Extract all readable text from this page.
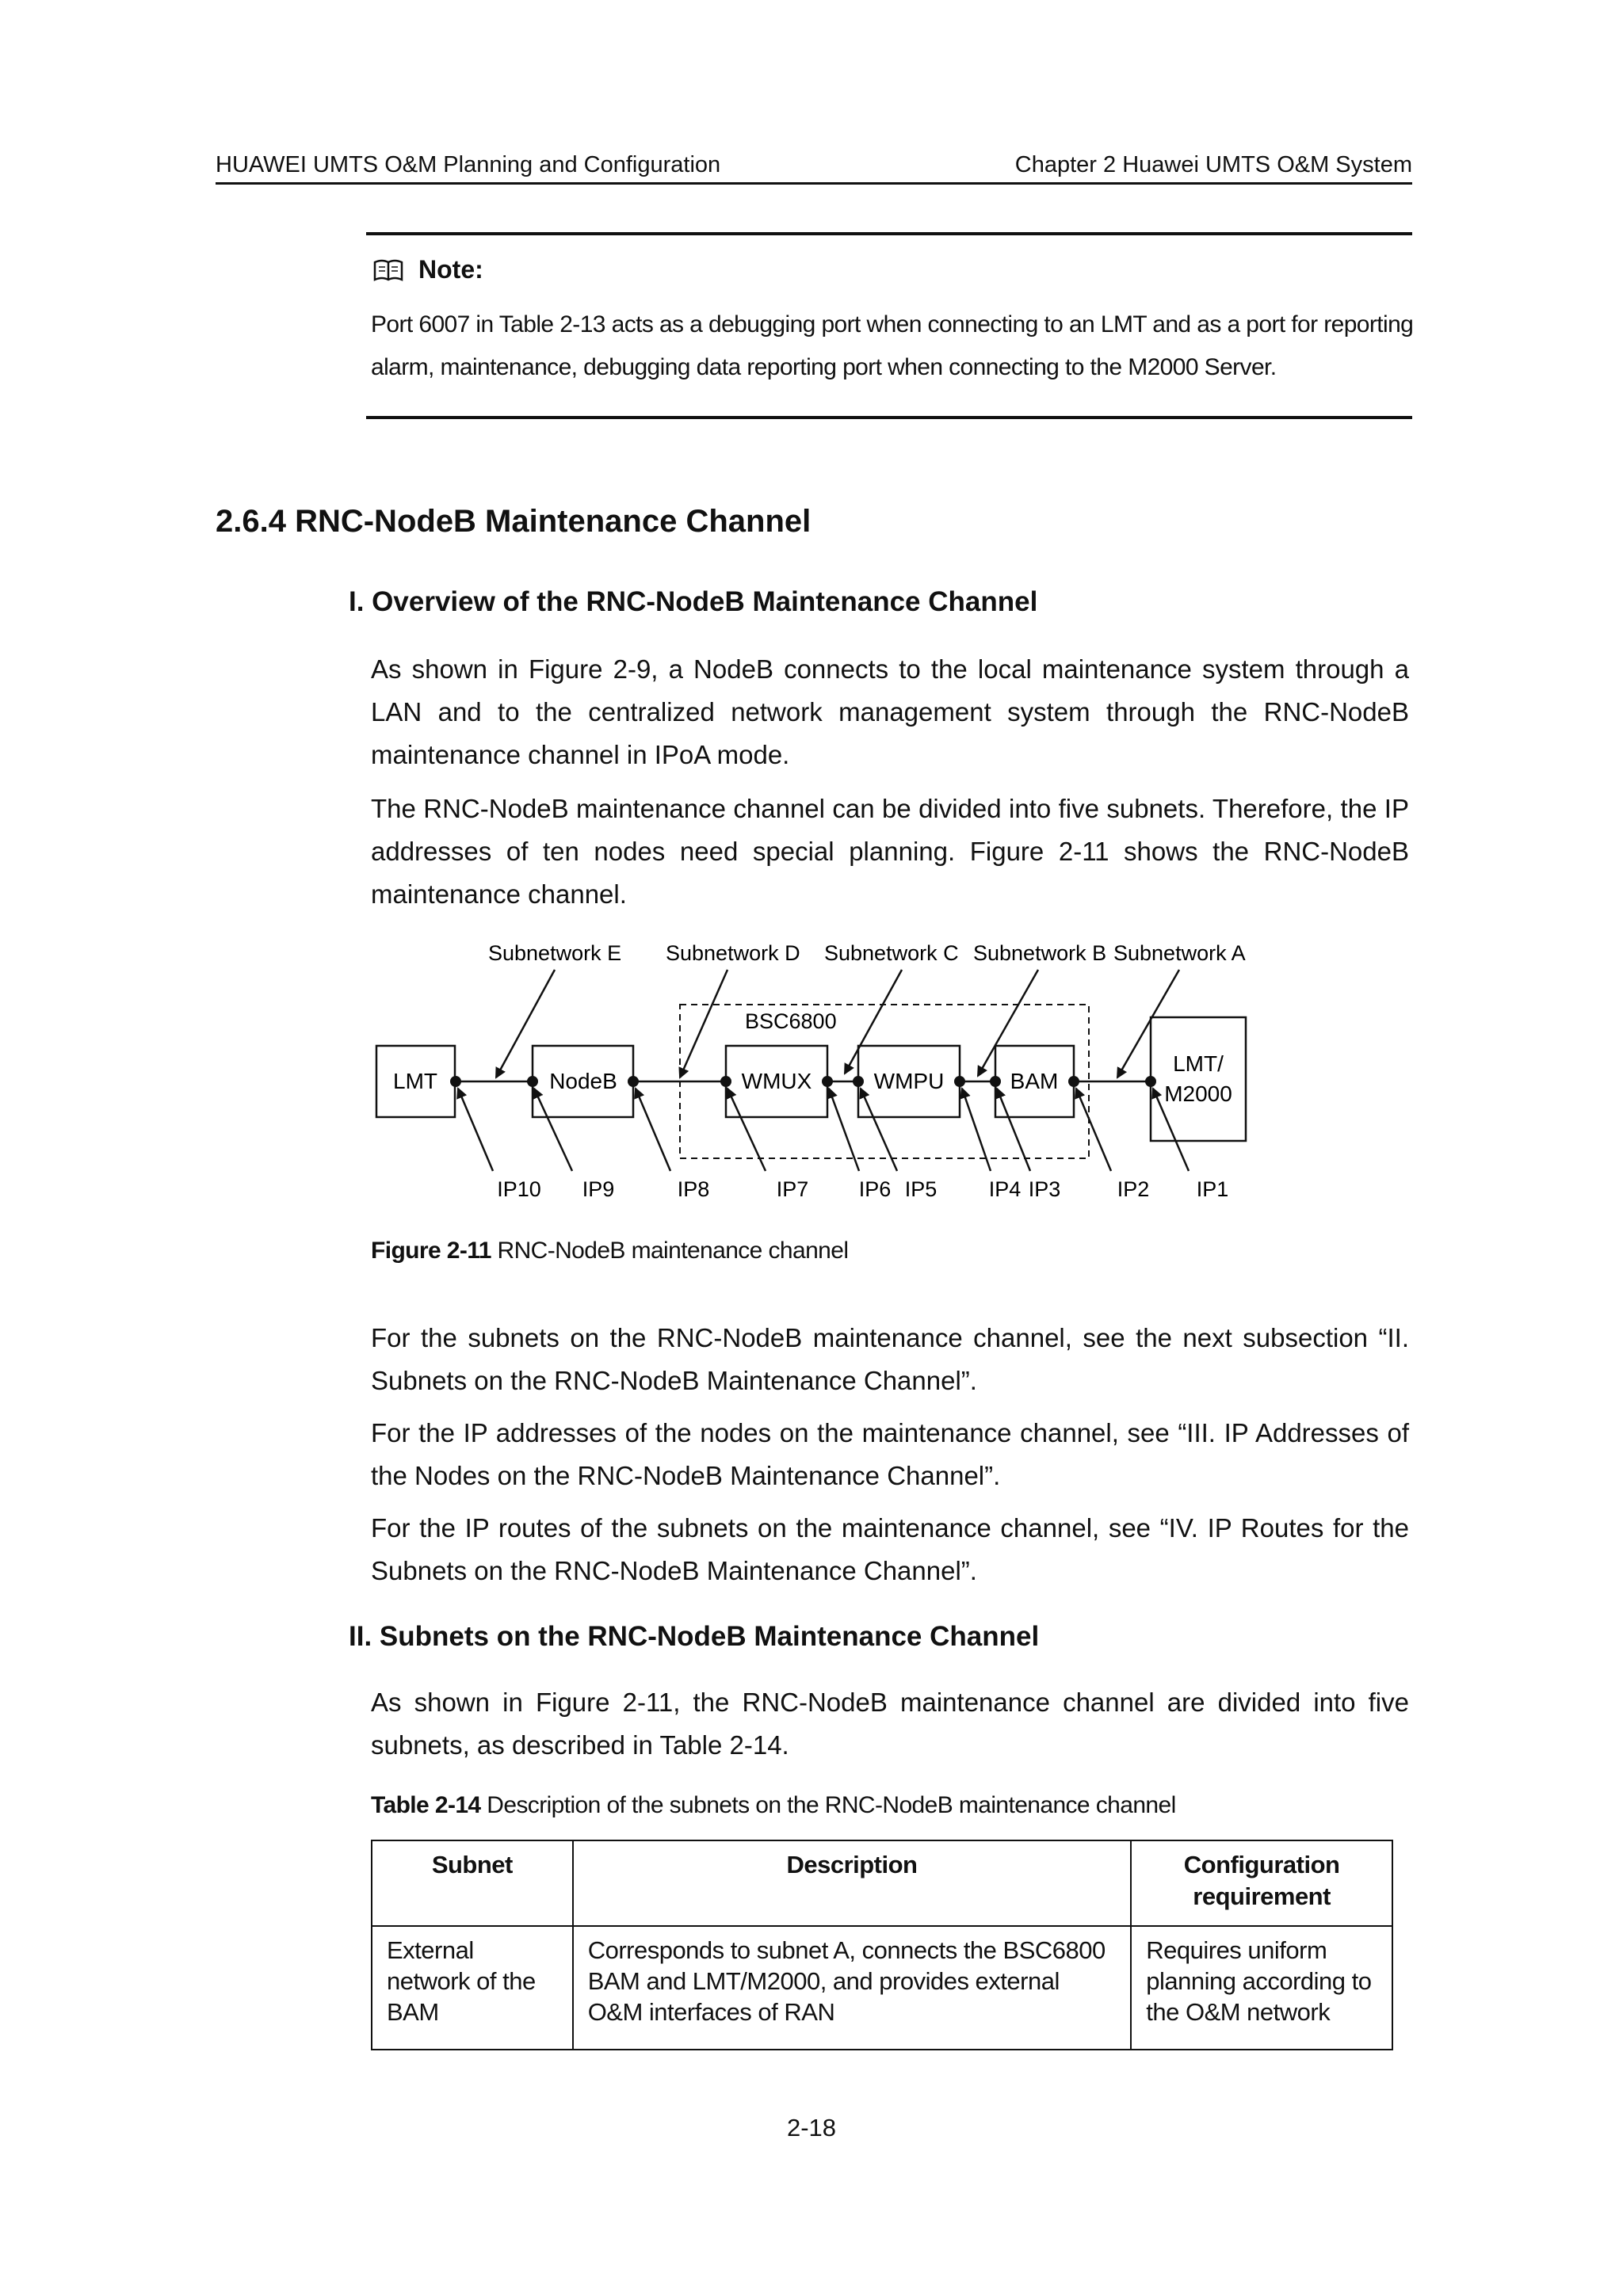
HUAWEI UMTS O&M Planning and Configuration	Chapter 2 Huawei UMTS O&M System
Note:
Port 6007 in Table 2-13 acts as a debugging port when connecting to an LMT and as a port for reporting alarm, maintenance, debugging data reporting port when connecting to the M2000 Server.
2.6.4 RNC-NodeB Maintenance Channel
I. Overview of the RNC-NodeB Maintenance Channel
As shown in Figure 2-9, a NodeB connects to the local maintenance system through a LAN and to the centralized network management system through the RNC-NodeB maintenance channel in IPoA mode.
The RNC-NodeB maintenance channel can be divided into five subnets. Therefore, the IP addresses of ten nodes need special planning. Figure 2-11 shows the RNC-NodeB maintenance channel.
Subnetwork E Subnetwork D Subnetwork C Subnetwork B Subnetwork A
BSC6800
LMT	NodeB	WMUX	WMPU	BAM
LMT/
M2000
IP10 IP9	IP8	IP7 IP6 IP5 IP4 IP3	IP2 IP1
Figure 2-11 RNC-NodeB maintenance channel
For the subnets on the RNC-NodeB maintenance channel, see the next subsection “II. Subnets on the RNC-NodeB Maintenance Channel”.
For the IP addresses of the nodes on the maintenance channel, see “III. IP Addresses of the Nodes on the RNC-NodeB Maintenance Channel”.
For the IP routes of the subnets on the maintenance channel, see “IV. IP Routes for the Subnets on the RNC-NodeB Maintenance Channel”.
II. Subnets on the RNC-NodeB Maintenance Channel
As shown in Figure 2-11, the RNC-NodeB maintenance channel are divided into five subnets, as described in Table 2-14.
Table 2-14 Description of the subnets on the RNC-NodeB maintenance channel
Subnet	Description	Configuration requirement
External network of the BAM	Corresponds to subnet A, connects the BSC6800 BAM and LMT/M2000, and provides external O&M interfaces of RAN	Requires uniform planning according to the O&M network
2-18
